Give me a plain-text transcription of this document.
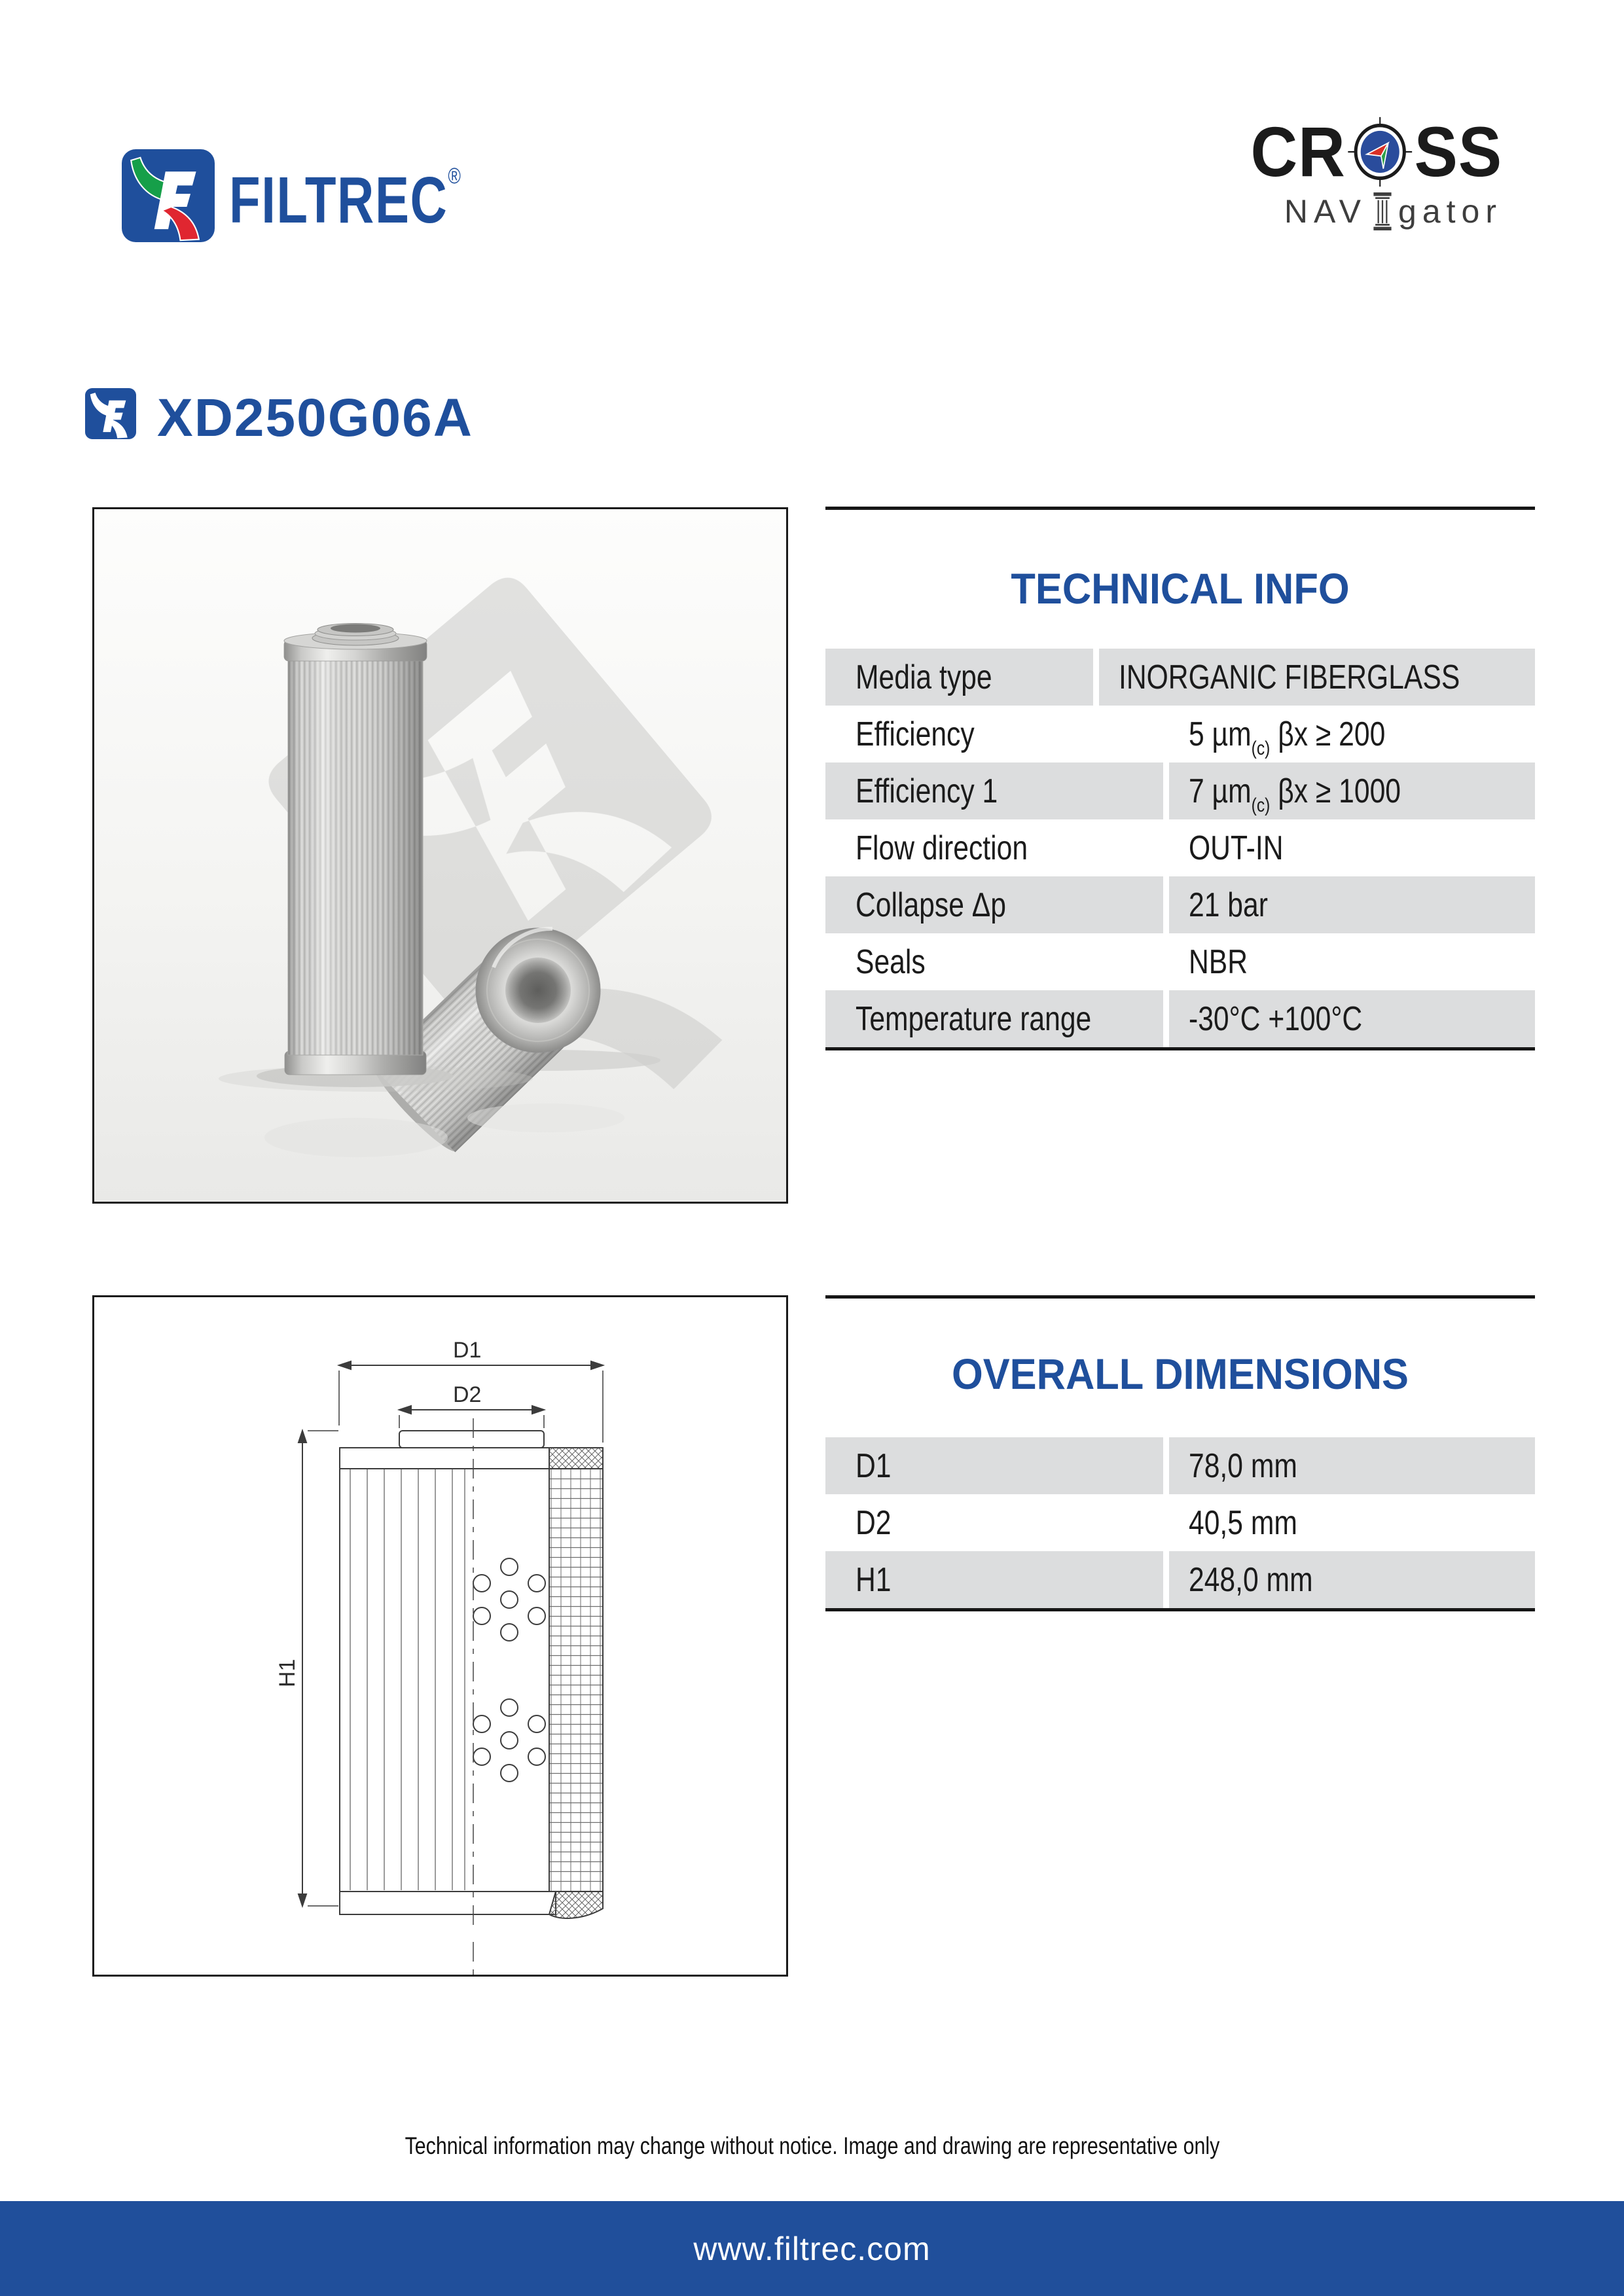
FILTREC®	CR SS
NAV gator
XD250G06A
TECHNICAL INFO
Media type	INORGANIC FIBERGLASS
Efficiency	5 µm$_{(c)}$ βx ≥ 200
Efficiency 1	7 µm$_{(c)}$ βx ≥ 1000
Flow direction	OUT-IN
Collapse Δp	21 bar
Seals	NBR
Temperature range	-30°C +100°C
D1
D2
H1
OVERALL DIMENSIONS
D1	78,0 mm
D2	40,5 mm
H1	248,0 mm
Technical information may change without notice. Image and drawing are representative only
www.filtrec.com
